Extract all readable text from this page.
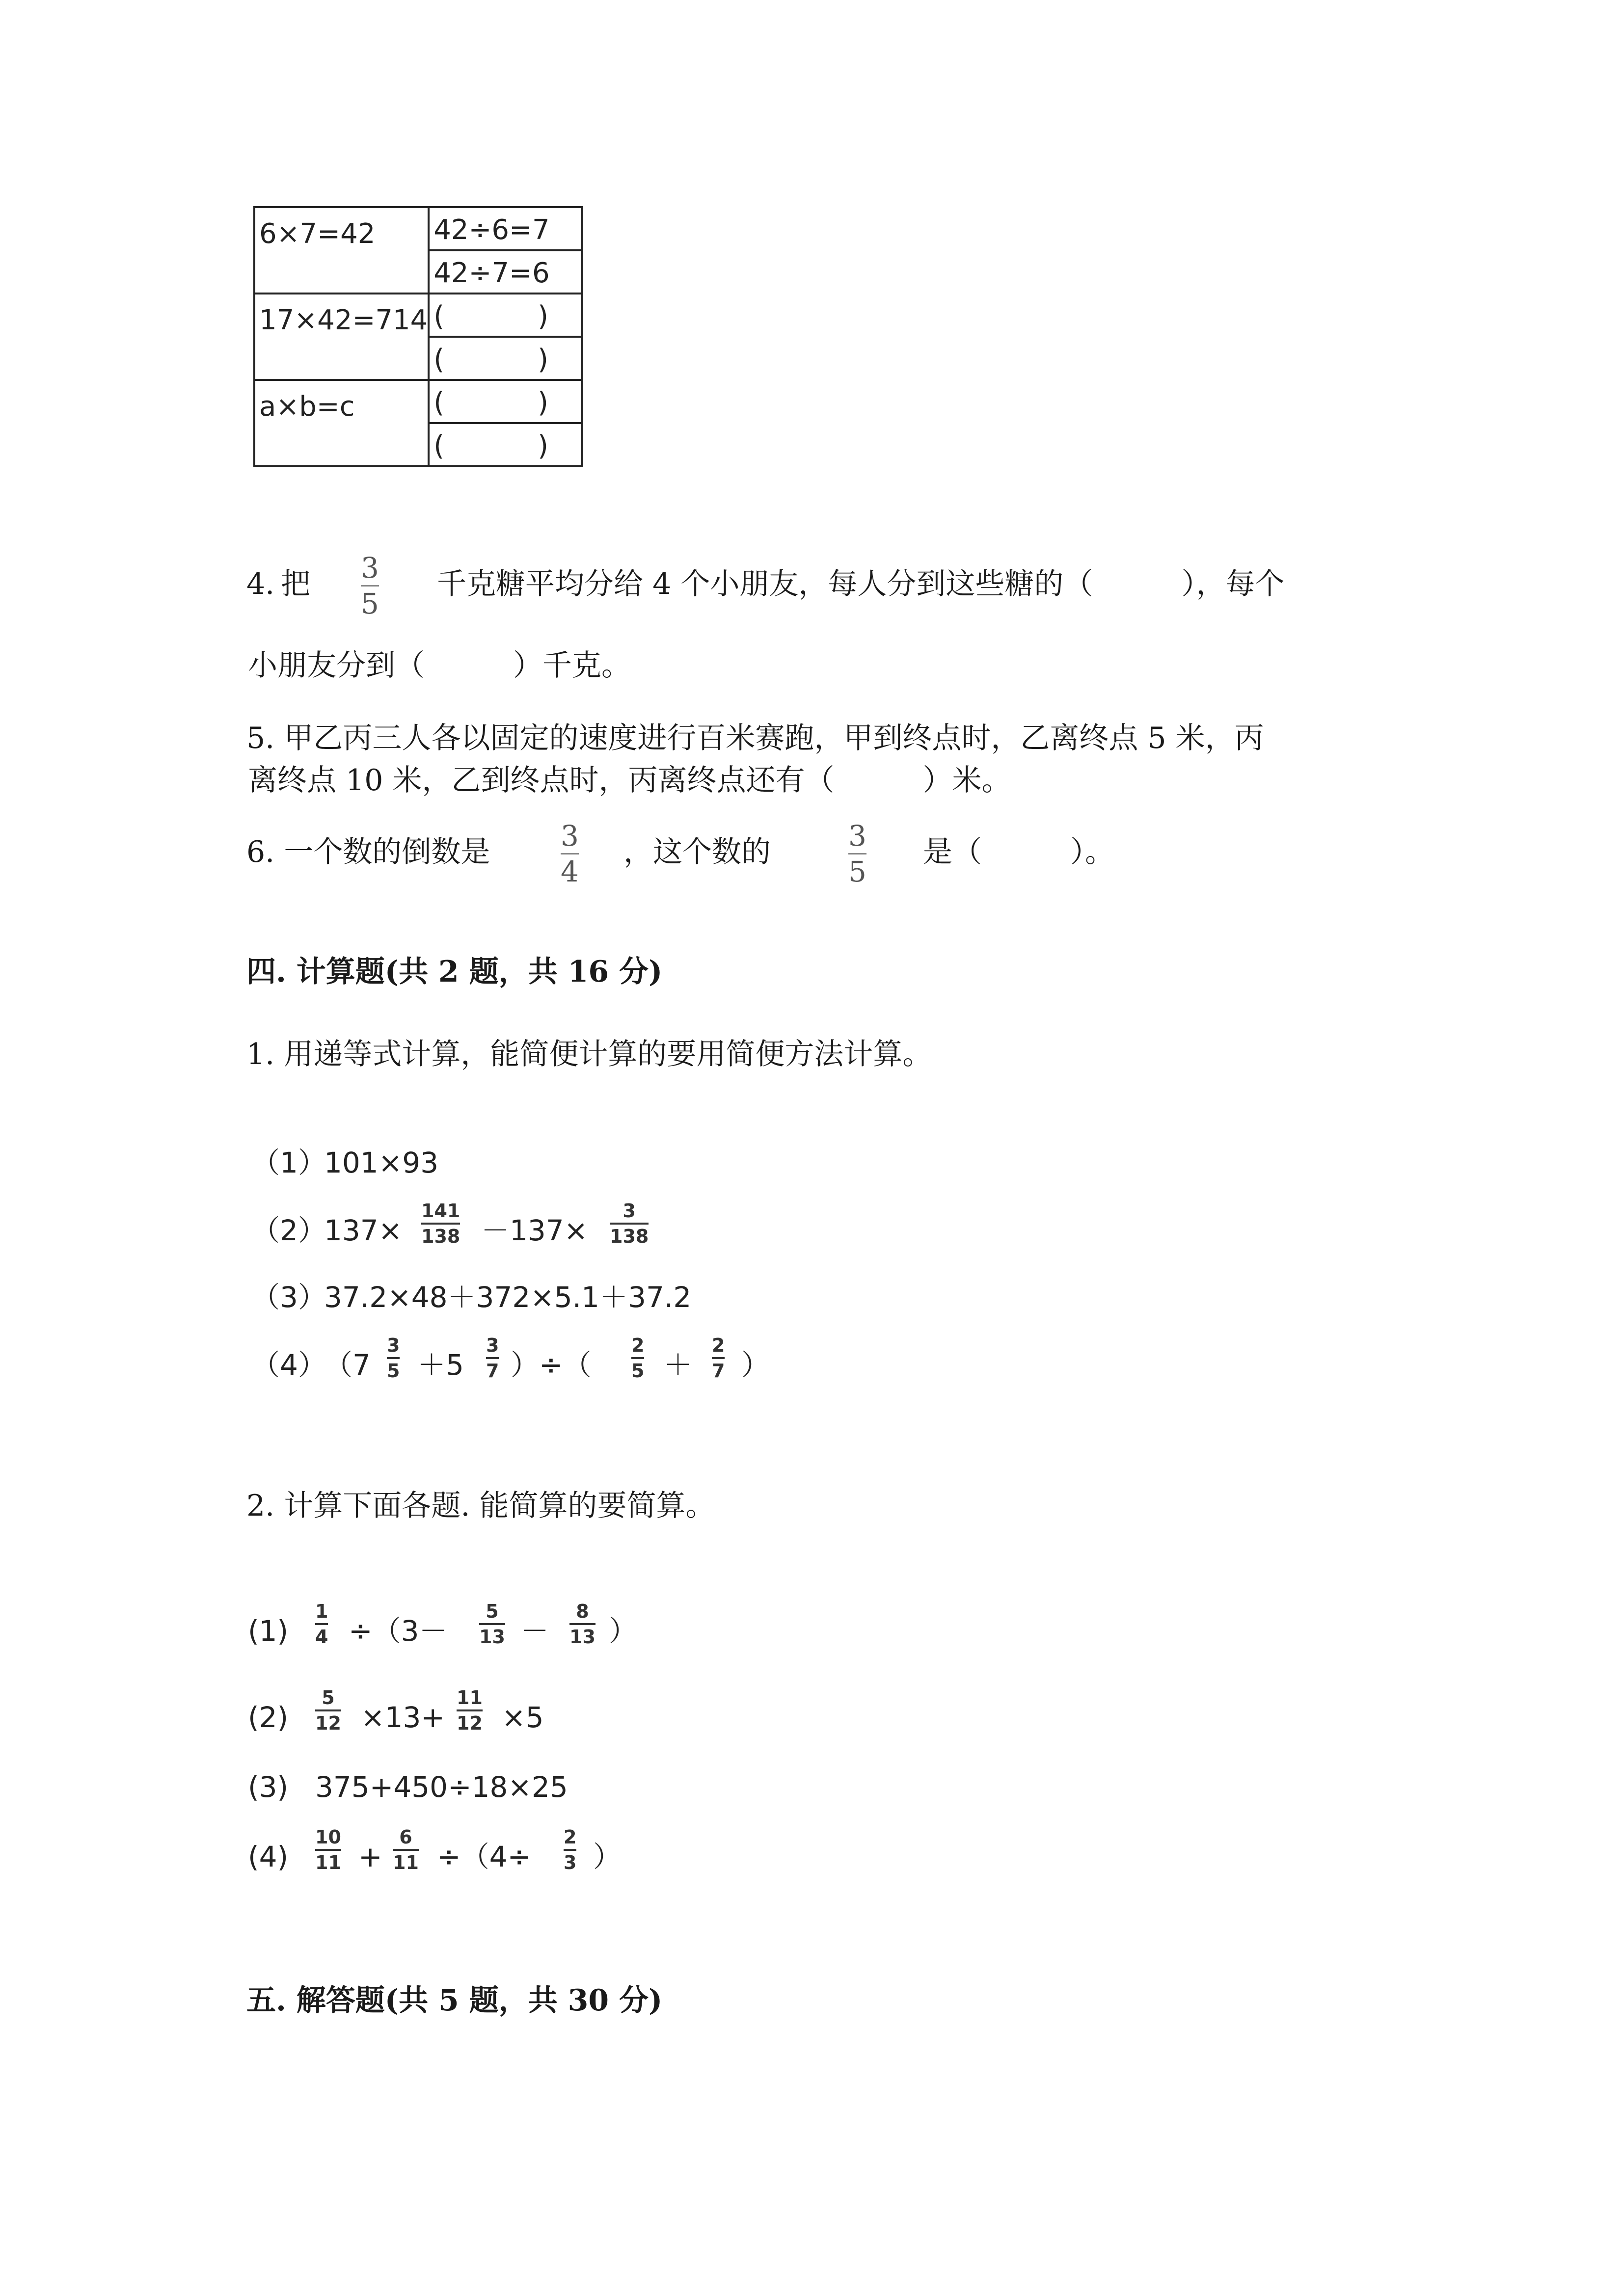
6×7=42	42÷6=7
	42÷7=6
17×42=714	( )
	( )
a×b=c	( )
	( )
4. 把 3
5
千克糖平均分给 4 个小朋友，每人分到这些糖的（　　　），每个
小朋友分到（　　　）千克。
5. 甲乙丙三人各以固定的速度进行百米赛跑，甲到终点时，乙离终点 5 米，丙
离终点 10 米，乙到终点时，丙离终点还有（　　　）米。
6. 一个数的倒数是 3
4
，这个数的	3
5
是（　　　）。
四. 计算题(共 2 题，共 16 分)
1. 用递等式计算，能简便计算的要用简便方法计算。
（1）
101×93
（2）
137×
141
138 －137×
3
138
（3）
37.2×48＋372×5.1＋37.2
（4）
（7
3
5 ＋5
3
7 ）÷（
2
5 ＋
2
7 ）
2. 计算下面各题. 能简算的要简算。
(1)
1
4 ÷（3－
5
13 －
8
13 ）
(2)
5
12 ×13+
11
12 ×5
(3) 375+450÷18×25
(4)
10
11 +
6
11 ÷（4÷
2
3 ）
五. 解答题(共 5 题，共 30 分)
